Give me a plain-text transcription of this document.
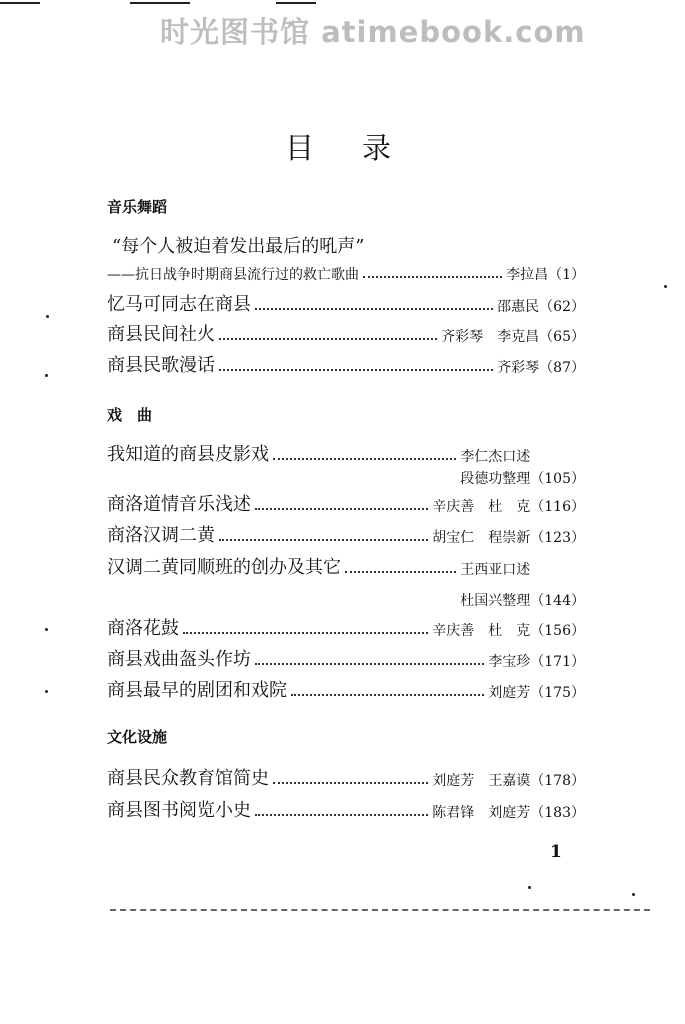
时光图书馆 atimebook.com
目录
音乐舞蹈
“每个人被迫着发出最后的吼声”
——抗日战争时期商县流行过的救亡歌曲	李拉昌 （1）
忆马可同志在商县	邵惠民 （62）
商县民间社火	齐彩琴 李克昌 （65）
商县民歌漫话	齐彩琴 （87）
戏　曲
我知道的商县皮影戏	李仁杰口述
段德功整理（105）
商洛道情音乐浅述	辛庆善 杜　克 （116）
商洛汉调二黄	胡宝仁 程崇新 （123）
汉调二黄同顺班的创办及其它	王西亚口述
杜国兴整理（144）
商洛花鼓	辛庆善 杜　克 （156）
商县戏曲盔头作坊	李宝珍 （171）
商县最早的剧团和戏院	刘庭芳 （175）
文化设施
商县民众教育馆简史	刘庭芳 王嘉谟 （178）
商县图书阅览小史	陈君锋 刘庭芳 （183）
1
